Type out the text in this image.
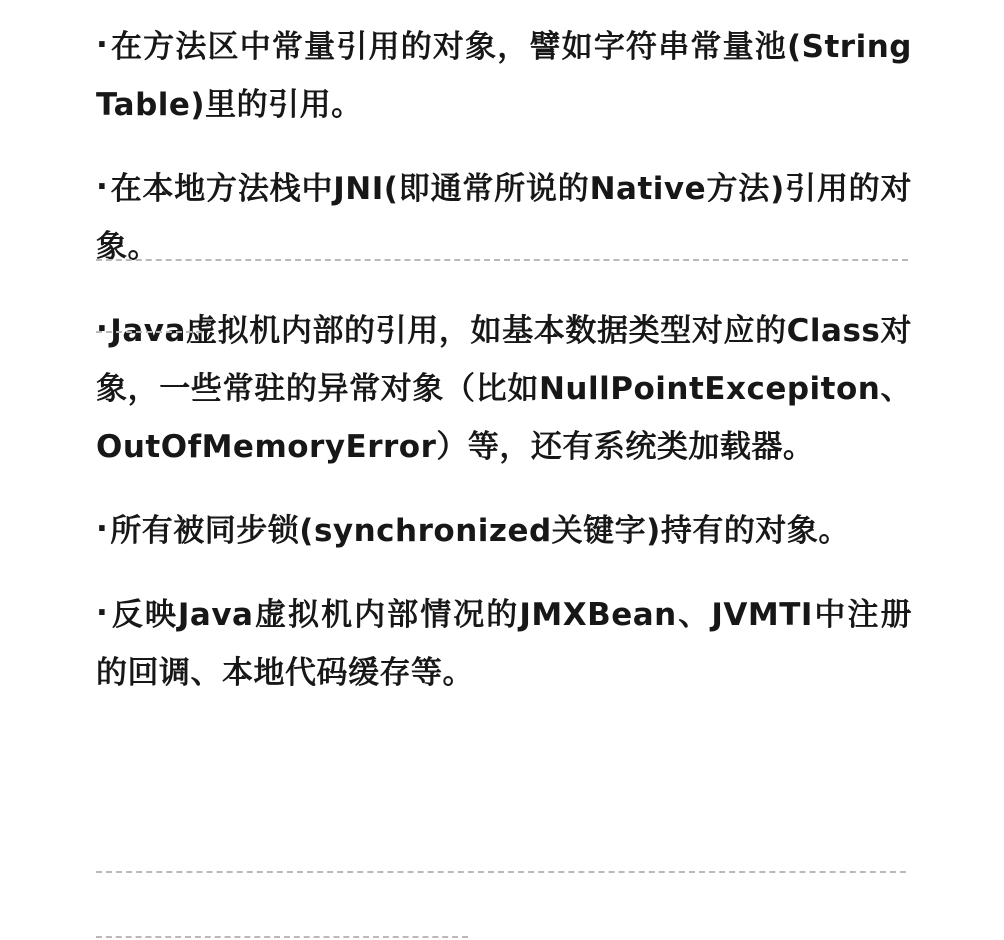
·在方法区中常量引用的对象，譬如字符串常量池(String Table)里的引用。

·在本地方法栈中JNI(即通常所说的Native方法)引用的对象。

·Java虚拟机内部的引用，如基本数据类型对应的Class对象，一些常驻的异常对象（比如NullPointExcepiton、OutOfMemoryError）等，还有系统类加载器。

·所有被同步锁(synchronized关键字)持有的对象。

·反映Java虚拟机内部情况的JMXBean、JVMTI中注册的回调、本地代码缓存等。
